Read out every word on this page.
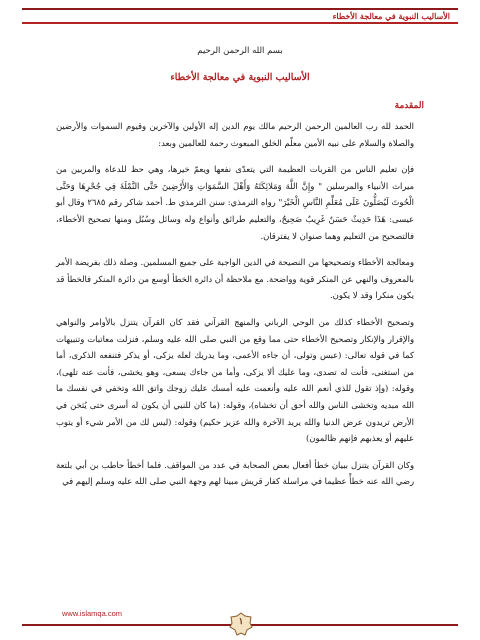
الأساليب النبوية في معالجة الأخطاء
بسم الله الرحمن الرحيم
الأساليب النبوية في معالجة الأخطاء
المقدمة

الحمد لله رب العالمين الرحمن الرحيم مالك يوم الدين إله الأولين والآخرين وقيوم السموات والأرضين والصلاة والسلام على نبيه الأمين معلّم الخلق المبعوث رحمة للعالمين وبعد:

فإن تعليم الناس من القربات العظيمة التي يتعدّى نفعها ويعمّ خيرها، وهي حظ للدعاة والمربين من ميراث الأنبياء والمرسلين " وإِنَّ اللَّهَ وَمَلائِكَتَهُ وَأَهْلَ السَّمَوَاتِ وَالأَرْضِينَ حَتَّى النَّمْلَةَ فِي جُحْرِهَا وَحَتَّى الْحُوتَ لَيُصَلُّونَ عَلَى مُعَلِّمِ النَّاسِ الْخَيْرَ" رواه الترمذي: سنن الترمذي ط. أحمد شاكر رقم ٢٦٨٥ وقال أبو عيسى: هَذَا حَدِيثٌ حَسَنٌ غَرِيبٌ صَحِيحٌ، والتعليم طرائق وأنواع وله وسائل وسُبُل ومنها تصحيح الأخطاء، فالتصحيح من التعليم وهما صنوان لا يفترقان.

ومعالجة الأخطاء وتصحيحها من النصيحة في الدين الواجبة على جميع المسلمين. وصلة ذلك بفريضة الأمر بالمعروف والنهي عن المنكر قوية وواضحة. مع ملاحظة أن دائرة الخطأ أوسع من دائرة المنكر فالخطأ قد يكون منكرا وقد لا يكون.

وتصحيح الأخطاء كذلك من الوحي الرباني والمنهج القرآني فقد كان القرآن يتنزل بالأوامر والنواهي والإقرار والإنكار وتصحيح الأخطاء حتى مما وقع من النبي صلى الله عليه وسلم، فنزلت معاتبات وتنبيهات كما في قوله تعالى: (عبس وتولى، أن جاءه الأعمى، وما يدريك لعله يزكى، أو يذكر فتنفعه الذكرى، أما من استغنى، فأنت له تصدى، وما عليك ألا يزكى، وأما من جاءك يسعى، وهو يخشى، فأنت عنه تلهى)، وقوله: (وإذ تقول للذي أنعم الله عليه وأنعمت عليه أمسك عليك زوجك واتق الله وتخفي في نفسك ما الله مبديه وتخشى الناس والله أحق أن تخشاه)، وقوله: (ما كان للنبي أن يكون له أسرى حتى يُثخن في الأرض تريدون عرض الدنيا والله يريد الآخرة والله عزيز حكيم) وقوله: (ليس لك من الأمر شيء أو يتوب عليهم أو يعذبهم فإنهم ظالمون)

وكان القرآن يتنزل ببيان خطأ أفعال بعض الصحابة في عدد من المواقف. فلما أخطأ حاطب بن أبي بلتعة رضي الله عنه خطأً عظيما في مراسلة كفار قريش مبينا لهم وجهة النبي صلى الله عليه وسلم إليهم في

www.islamqa.com
١
